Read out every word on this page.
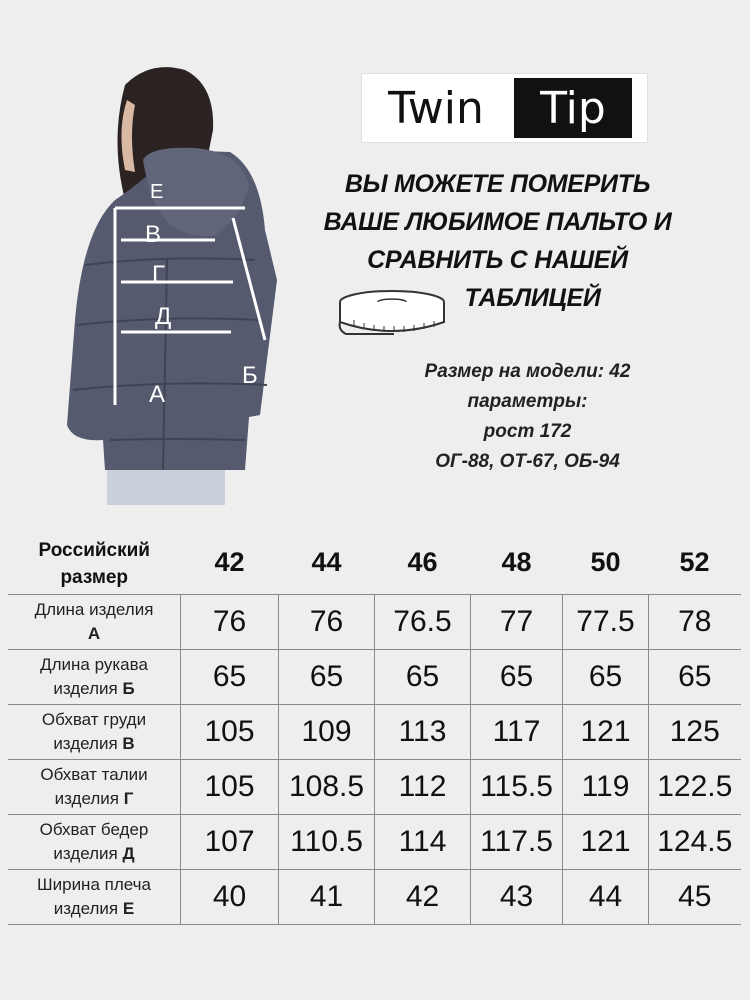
Е
В
Г
Д
А
Б
Twin	Tip
ВЫ МОЖЕТЕ ПОМЕРИТЬ
ВАШЕ ЛЮБИМОЕ ПАЛЬТО И
СРАВНИТЬ С НАШЕЙ
ТАБЛИЦЕЙ
Размер на модели: 42
параметры:
рост 172
ОГ-88, ОТ-67, ОБ-94
Российский
размер	42	44	46	48	50	52

Длина изделия
А	76	76	76.5	77	77.5	78

Длина рукава
изделия Б	65	65	65	65	65	65

Обхват груди
изделия В	105	109	113	117	121	125

Обхват талии
изделия Г	105	108.5	112	115.5	119	122.5

Обхват бедер
изделия Д	107	110.5	114	117.5	121	124.5

Ширина плеча
изделия Е	40	41	42	43	44	45
